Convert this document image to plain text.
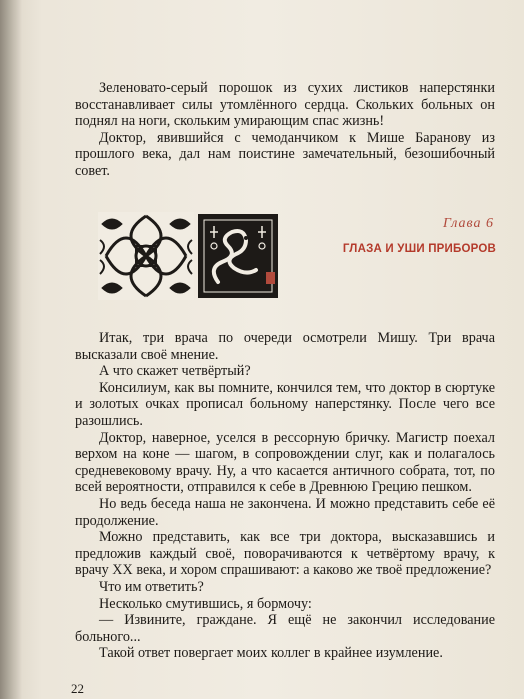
Зеленовато-серый порошок из сухих листиков наперстянки восстанавливает силы утомлённого сердца. Скольких больных он поднял на ноги, скольким умирающим спас жизнь!

Доктор, явившийся с чемоданчиком к Мише Баранову из прошлого века, дал нам поистине замечательный, безошибочный совет.

Глава 6
ГЛАЗА И УШИ ПРИБОРОВ

Итак, три врача по очереди осмотрели Мишу. Три врача высказали своё мнение.

А что скажет четвёртый?

Консилиум, как вы помните, кончился тем, что доктор в сюртуке и золотых очках прописал больному наперстянку. После чего все разошлись.

Доктор, наверное, уселся в рессорную бричку. Магистр поехал верхом на коне — шагом, в сопровождении слуг, как и полагалось средневековому врачу. Ну, а что касается античного собрата, тот, по всей вероятности, отправился к себе в Древнюю Грецию пешком.

Но ведь беседа наша не закончена. И можно представить себе её продолжение.

Можно представить, как все три доктора, высказавшись и предложив каждый своё, поворачиваются к четвёртому врачу, к врачу XX века, и хором спрашивают: а каково же твоё предложение?

Что им ответить?

Несколько смутившись, я бормочу:

— Извините, граждане. Я ещё не закончил исследование больного...

Такой ответ повергает моих коллег в крайнее изумление.

22
